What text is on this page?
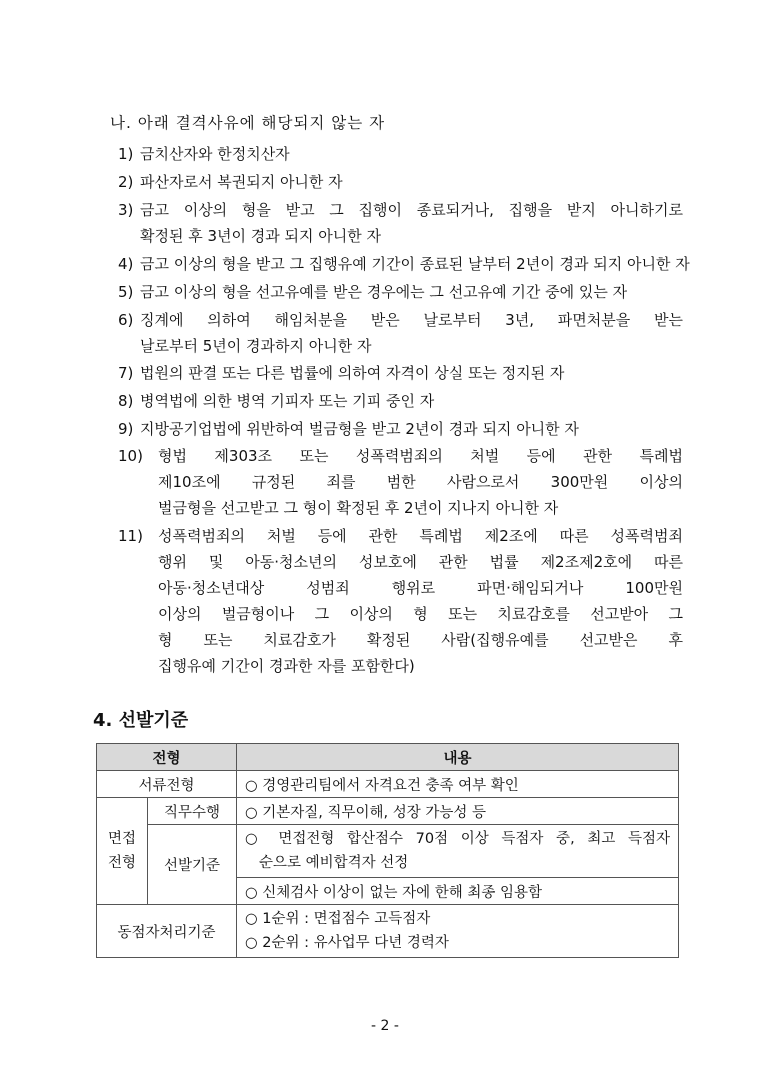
나. 아래 결격사유에 해당되지 않는 자
1) 금치산자와 한정치산자
2) 파산자로서 복권되지 아니한 자
3) 금고 이상의 형을 받고 그 집행이 종료되거나, 집행을 받지 아니하기로
확정된 후 3년이 경과 되지 아니한 자
4) 금고 이상의 형을 받고 그 집행유예 기간이 종료된 날부터 2년이 경과 되지 아니한 자
5) 금고 이상의 형을 선고유예를 받은 경우에는 그 선고유예 기간 중에 있는 자
6) 징계에 의하여 해임처분을 받은 날로부터 3년, 파면처분을 받는
날로부터 5년이 경과하지 아니한 자
7) 법원의 판결 또는 다른 법률에 의하여 자격이 상실 또는 정지된 자
8) 병역법에 의한 병역 기피자 또는 기피 중인 자
9) 지방공기업법에 위반하여 벌금형을 받고 2년이 경과 되지 아니한 자
10)	형법 제303조 또는 성폭력범죄의 처벌 등에 관한 특례법
제10조에 규정된 죄를 범한 사람으로서 300만원 이상의
벌금형을 선고받고 그 형이 확정된 후 2년이 지나지 아니한 자
11)	성폭력범죄의 처벌 등에 관한 특례법 제2조에 따른 성폭력범죄
행위 및 아동·청소년의 성보호에 관한 법률 제2조제2호에 따른
아동·청소년대상 성범죄 행위로 파면·해임되거나 100만원
이상의 벌금형이나 그 이상의 형 또는 치료감호를 선고받아 그
형 또는 치료감호가 확정된 사람(집행유예를 선고받은 후
집행유예 기간이 경과한 자를 포함한다)
4. 선발기준
전형		내용
서류전형		○ 경영관리팀에서 자격요건 충족 여부 확인

면접
전형	직무수행	○ 기본자질, 직무이해, 성장 가능성 등
	선발기준	○ 면접전형 합산점수 70점 이상 득점자 중, 최고 득점자
순으로 예비합격자 선정

		○ 신체검사 이상이 없는 자에 한해 최종 임용함
동점자처리기준		○ 1순위 : 면접점수 고득점자
○ 2순위 : 유사업무 다년 경력자
- 2 -
